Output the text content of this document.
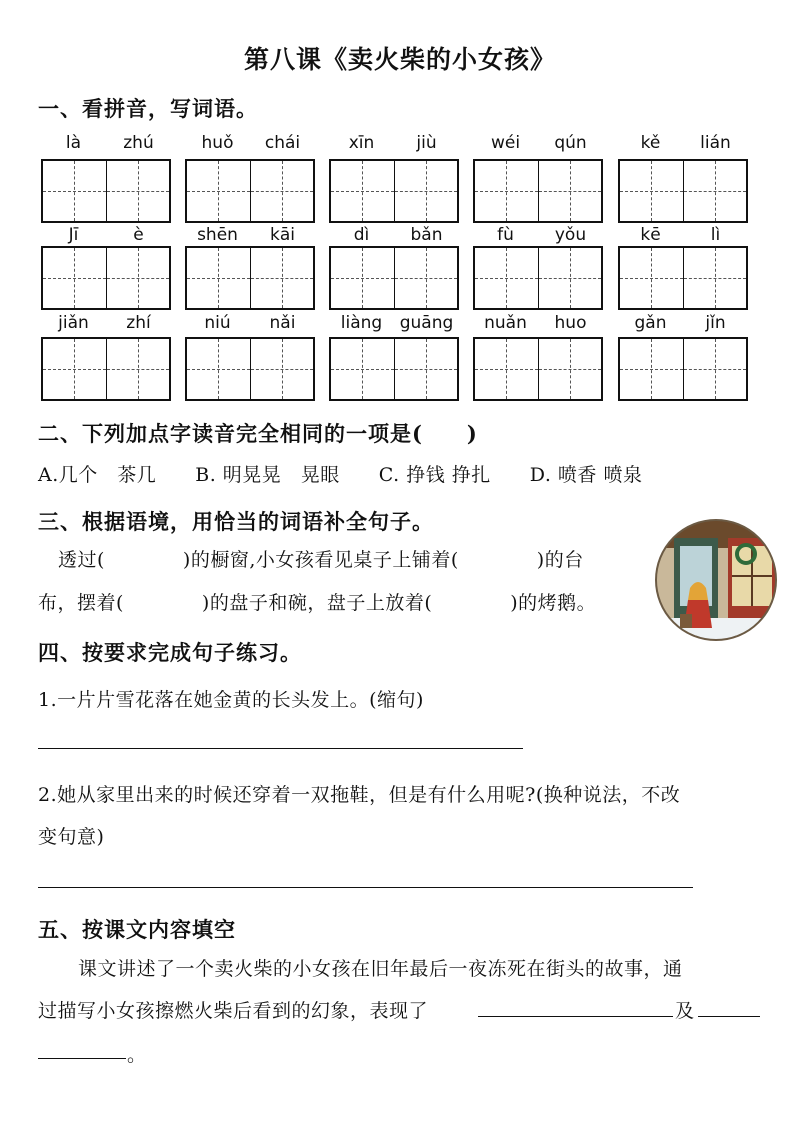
第八课《卖火柴的小女孩》
一、看拼音，写词语。
là	zhú	huǒ	chái	xīn	jiù	wéi	qún	kě	lián
Jī	è	shēn	kāi	dì	bǎn	fù	yǒu	kē	lì
jiǎn	zhí	niú	nǎi	liàng	guāng	nuǎn	huo	gǎn	jǐn
二、下列加点字读音完全相同的一项是(　　)
A.几个　茶几　　B. 明晃晃　晃眼　　C. 挣钱 挣扎　　D. 喷香 喷泉
三、根据语境，用恰当的词语补全句子。
透过(　　　　)的橱窗,小女孩看见桌子上铺着(　　　　)的台
布，摆着(　　　　)的盘子和碗，盘子上放着(　　　　)的烤鹅。
四、按要求完成句子练习。
1.一片片雪花落在她金黄的长头发上。(缩句)
2.她从家里出来的时候还穿着一双拖鞋，但是有什么用呢?(换种说法，不改
变句意)
五、按课文内容填空
课文讲述了一个卖火柴的小女孩在旧年最后一夜冻死在街头的故事，通
过描写小女孩擦燃火柴后看到的幻象，表现了	及
。
